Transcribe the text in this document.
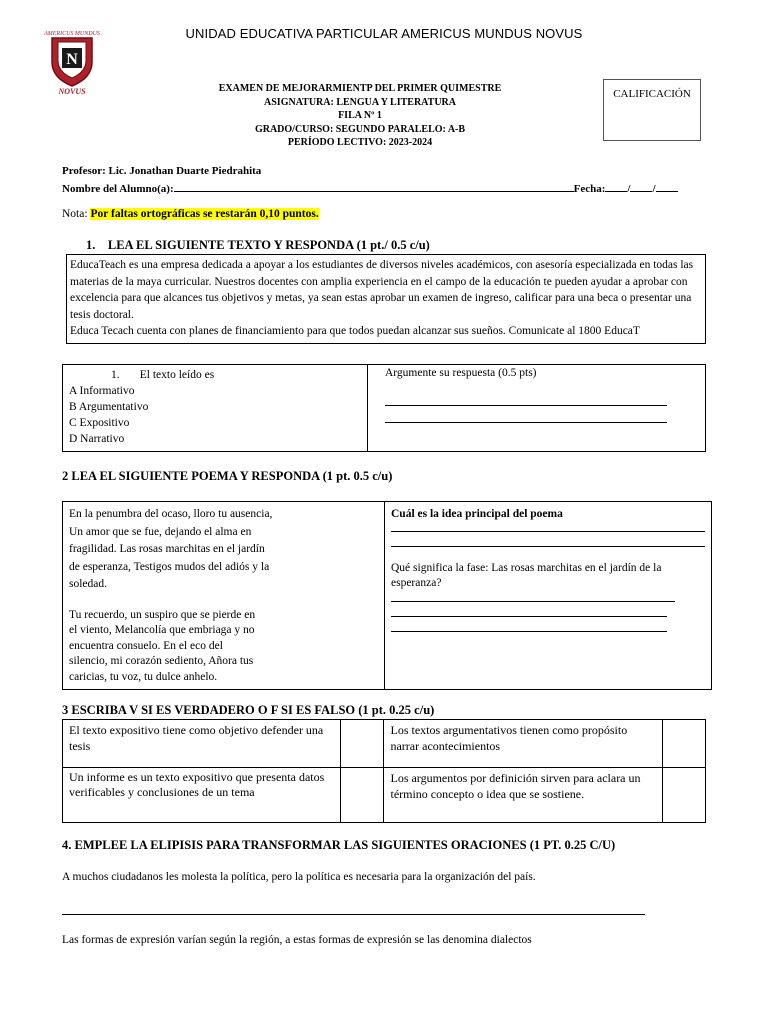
UNIDAD EDUCATIVA PARTICULAR AMERICUS MUNDUS NOVUS
AMERICUS MUNDUS
N
NOVUS	EXAMEN DE MEJORARMIENTP DEL PRIMER QUIMESTRE
ASIGNATURA: LENGUA Y LITERATURA
FILA Nº 1
GRADO/CURSO: SEGUNDO PARALELO: A-B
PERÍODO LECTIVO: 2023-2024
CALIFICACIÓN
Profesor: Lic. Jonathan Duarte Piedrahita
Nombre del Alumno(a):	Fecha: / /
Nota: Por faltas ortográficas se restarán 0,10 puntos.
1. LEA EL SIGUIENTE TEXTO Y RESPONDA (1 pt./ 0.5 c/u)
EducaTeach es una empresa dedicada a apoyar a los estudiantes de diversos niveles académicos, con asesoría especializada en todas las materias de la maya curricular. Nuestros docentes con amplia experiencia en el campo de la educación te pueden ayudar a aprobar con excelencia para que alcances tus objetivos y metas, ya sean estas aprobar un examen de ingreso, calificar para una beca o presentar una tesis doctoral.
Educa Tecach cuenta con planes de financiamiento para que todos puedan alcanzar sus sueños. Comunicate al 1800 EducaT
1. El texto leído es
A Informativo
B Argumentativo
C Expositivo
D Narrativo

Argumente su respuesta (0.5 pts)
2 LEA EL SIGUIENTE POEMA Y RESPONDA (1 pt. 0.5 c/u)
En la penumbra del ocaso, lloro tu ausencia,
Un amor que se fue, dejando el alma en
fragilidad. Las rosas marchitas en el jardín
de esperanza, Testigos mudos del adiós y la
soledad.
Tu recuerdo, un suspiro que se pierde en
el viento, Melancolía que embriaga y no
encuentra consuelo. En el eco del
silencio, mi corazón sediento, Añora tus
caricias, tu voz, tu dulce anhelo.

Cuál es la idea principal del poema
Qué significa la fase: Las rosas marchitas en el jardín de la esperanza?
3 ESCRIBA V SI ES VERDADERO O F SI ES FALSO (1 pt. 0.25 c/u)
El texto expositivo tiene como objetivo defender una tesis		Los textos argumentativos tienen como propósito narrar acontecimientos	
Un informe es un texto expositivo que presenta datos
verificables y conclusiones de un tema		Los argumentos por definición sirven para aclara un término concepto o idea que se sostiene.	
4. EMPLEE LA ELIPISIS PARA TRANSFORMAR LAS SIGUIENTES ORACIONES (1 PT. 0.25 C/U)
A muchos ciudadanos les molesta la política, pero la política es necesaria para la organización del país.
Las formas de expresión varían según la región, a estas formas de expresión se las denomina dialectos
